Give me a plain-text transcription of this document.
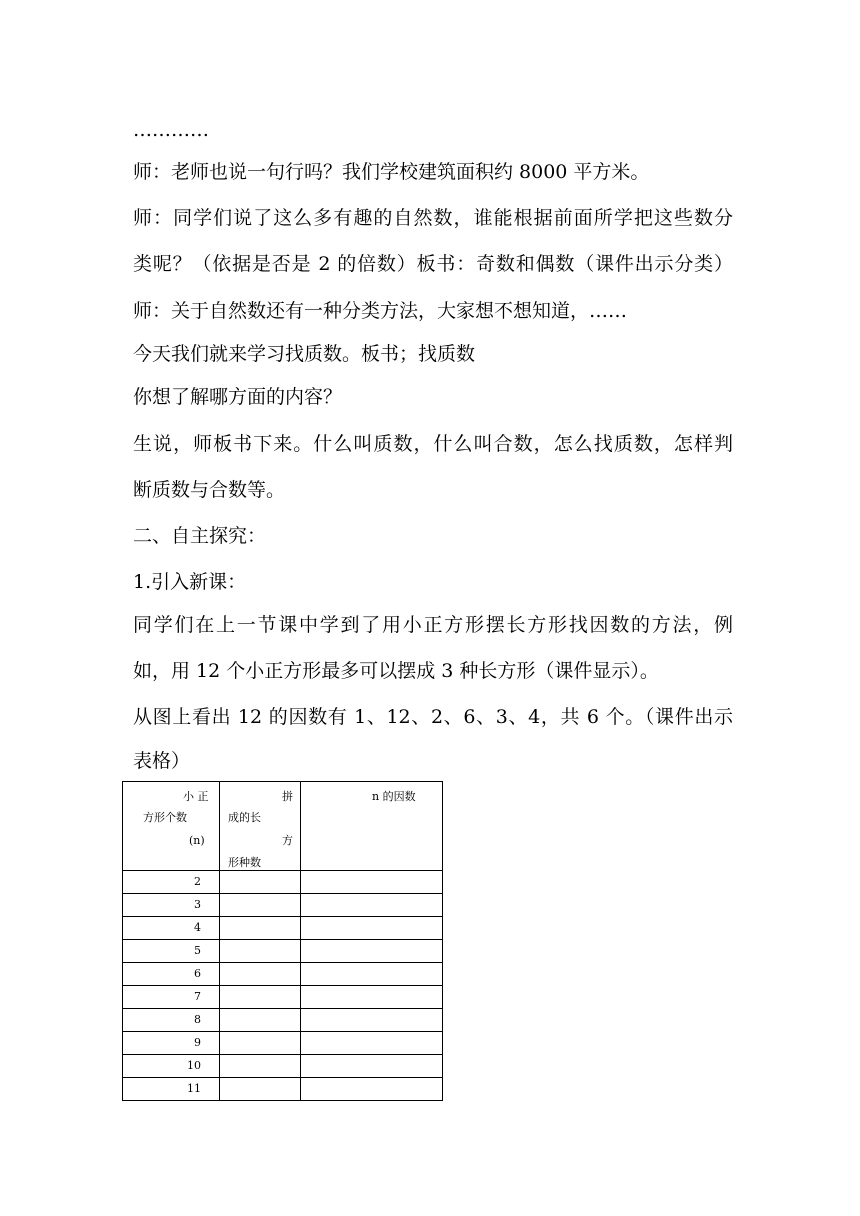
…………
师：老师也说一句行吗？我们学校建筑面积约 8000 平方米。
师：同学们说了这么多有趣的自然数，谁能根据前面所学把这些数分
类呢？（依据是否是 2 的倍数）板书：奇数和偶数（课件出示分类）
师：关于自然数还有一种分类方法，大家想不想知道，……
今天我们就来学习找质数。板书；找质数
你想了解哪方面的内容？
生说，师板书下来。什么叫质数，什么叫合数，怎么找质数，怎样判
断质数与合数等。
二、自主探究：
1.引入新课：
同学们在上一节课中学到了用小正方形摆长方形找因数的方法，例
如，用 12 个小正方形最多可以摆成 3 种长方形（课件显示）。
从图上看出 12 的因数有 1、12、2、6、3、4，共 6 个。（课件出示
表格）
小 正
方形个数
(n)	拼
成的长
方
形种数	n 的因数

2		
3		
4		
5		
6		
7		
8		
9		
10		
11		
